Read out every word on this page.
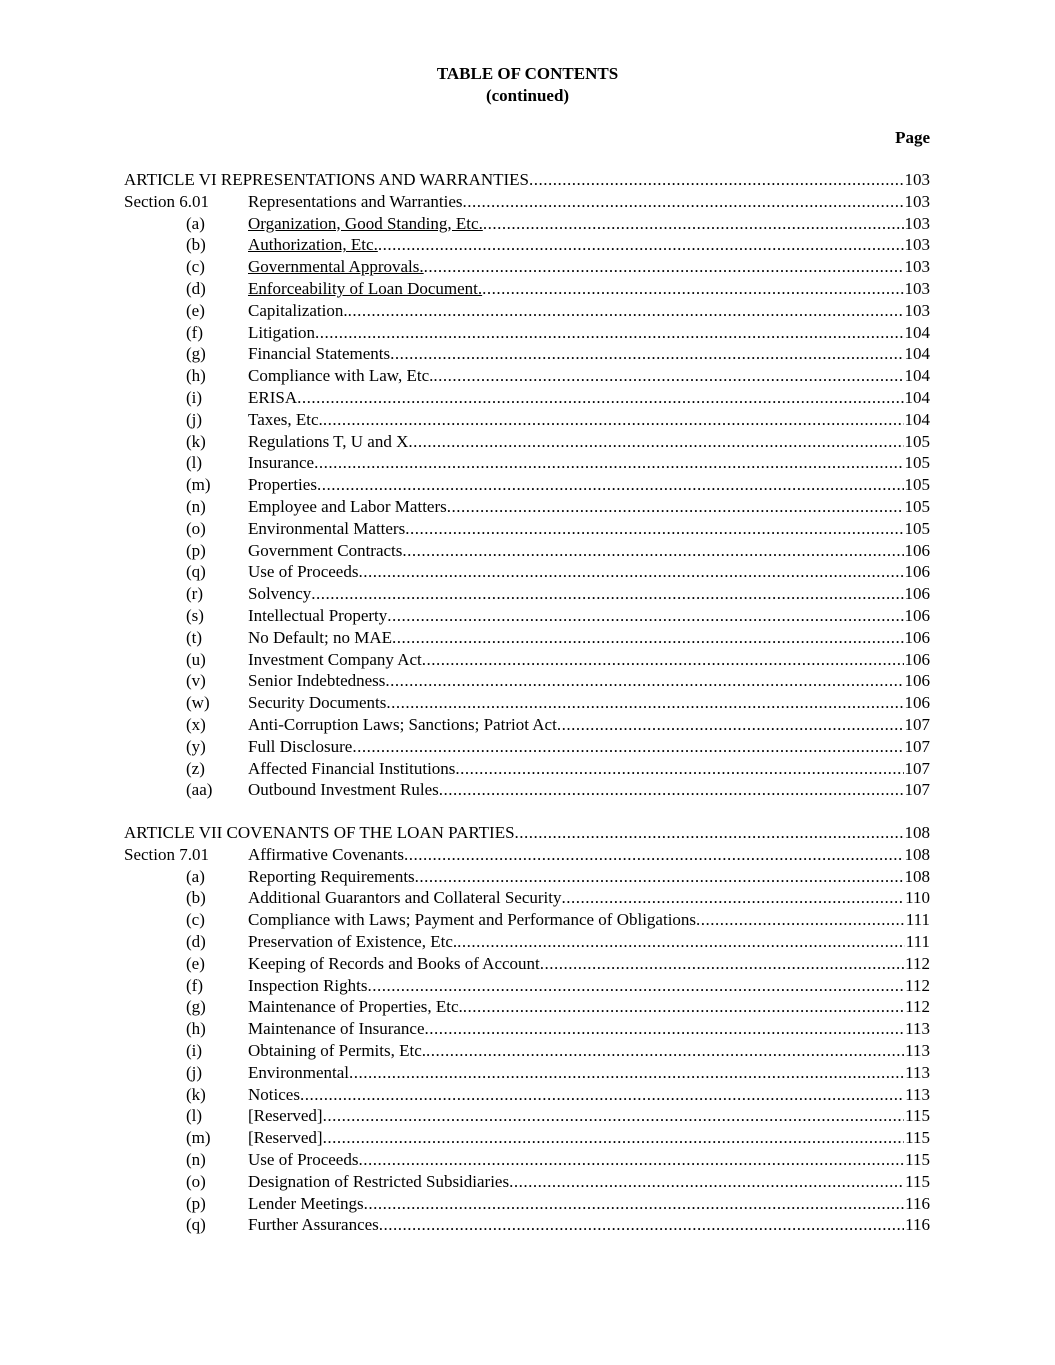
TABLE OF CONTENTS
(continued)
Page
ARTICLE VI REPRESENTATIONS AND WARRANTIES .....	103
Section 6.01 Representations and Warranties .....	103
(a)	Organization, Good Standing, Etc. .....	103
(b) Authorization, Etc. .....	103
(c)	Governmental Approvals. .....	103
(d) Enforceability of Loan Document. .....	103
(e)	Capitalization. .....	103
(f)	Litigation .....	104
(g) Financial Statements .....	104
(h) Compliance with Law, Etc. .....	104
(i)	ERISA .....	104
(j)	Taxes, Etc. .....	104
(k) Regulations T, U and X .....	105
(l)	Insurance .....	105
(m) Properties .....	105
(n) Employee and Labor Matters .....	105
(o) Environmental Matters .....	105
(p) Government Contracts .....	106
(q) Use of Proceeds .....	106
(r)	Solvency .....	106
(s)	Intellectual Property .....	106
(t)	No Default; no MAE .....	106
(u) Investment Company Act .....	106
(v) Senior Indebtedness .....	106
(w) Security Documents .....	106
(x) Anti-Corruption Laws; Sanctions; Patriot Act .....	107
(y) Full Disclosure .....	107
(z)	Affected Financial Institutions .....	107
(aa) Outbound Investment Rules .....	107
ARTICLE VII COVENANTS OF THE LOAN PARTIES .....	108
Section 7.01 Affirmative Covenants .....	108
(a)	Reporting Requirements .....	108
(b) Additional Guarantors and Collateral Security .....	110
(c)	Compliance with Laws; Payment and Performance of Obligations .....	111
(d) Preservation of Existence, Etc. .....	111
(e)	Keeping of Records and Books of Account .....	112
(f)	Inspection Rights .....	112
(g) Maintenance of Properties, Etc. .....	112
(h) Maintenance of Insurance .....	113
(i)	Obtaining of Permits, Etc. .....	113
(j)	Environmental .....	113
(k) Notices .....	113
(l)	[Reserved] .....	115
(m) [Reserved] .....	115
(n) Use of Proceeds .....	115
(o) Designation of Restricted Subsidiaries .....	115
(p) Lender Meetings .....	116
(q) Further Assurances .....	116
